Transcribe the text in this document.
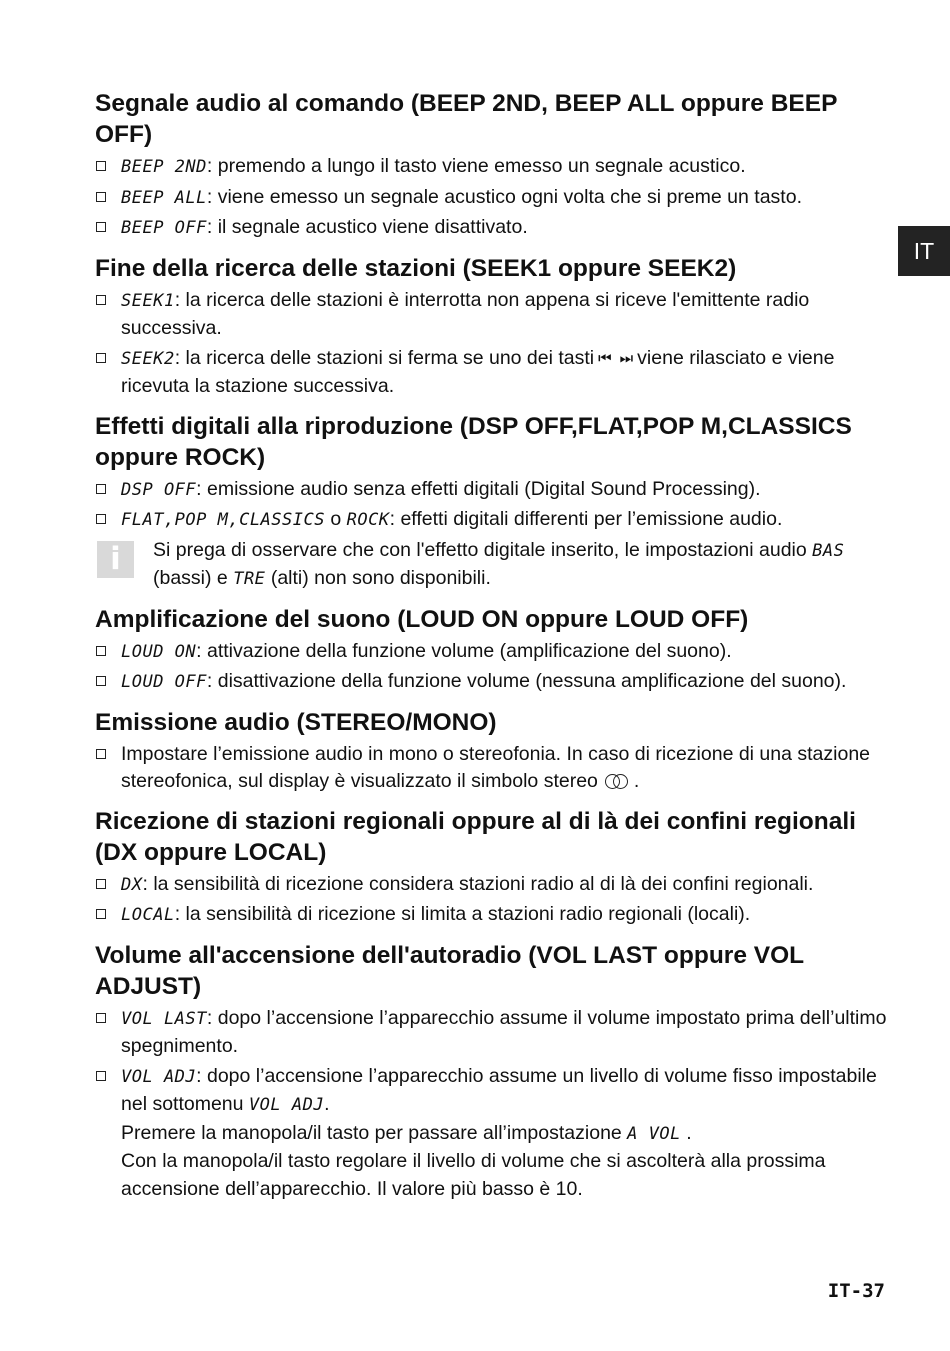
IT
Segnale audio al comando (BEEP 2ND, BEEP ALL oppure BEEP OFF)
BEEP 2ND: premendo a lungo il tasto viene emesso un segnale acustico.
BEEP ALL: viene emesso un segnale acustico ogni volta che si preme un tasto.
BEEP OFF: il segnale acustico viene disattivato.
Fine della ricerca delle stazioni (SEEK1 oppure SEEK2)
SEEK1: la ricerca delle stazioni è interrotta non appena si riceve l'emittente radio successiva.
SEEK2: la ricerca delle stazioni si ferma se uno dei tasti ⏮ ⏭ viene rilasciato e viene ricevuta la stazione successiva.
Effetti digitali alla riproduzione (DSP OFF,FLAT,POP M,CLASSICS oppure ROCK)
DSP OFF: emissione audio senza effetti digitali (Digital Sound Processing).
FLAT,POP M,CLASSICS o ROCK: effetti digitali differenti per l’emissione audio.
i	Si prega di osservare che con l'effetto digitale inserito, le impostazioni audio BAS (bassi) e TRE (alti) non sono disponibili.
Amplificazione del suono (LOUD ON oppure LOUD OFF)
LOUD ON: attivazione della funzione volume (amplificazione del suono).
LOUD OFF: disattivazione della funzione volume (nessuna amplificazione del suono).
Emissione audio (STEREO/MONO)
Impostare l’emissione audio in mono o stereofonia. In caso di ricezione di una stazione stereofonica, sul display è visualizzato il simbolo stereo .
Ricezione di stazioni regionali oppure al di là dei confini regionali (DX oppure LOCAL)
DX: la sensibilità di ricezione considera stazioni radio al di là dei confini regionali.
LOCAL: la sensibilità di ricezione si limita a stazioni radio regionali (locali).
Volume all'accensione dell'autoradio (VOL LAST oppure VOL ADJUST)
VOL LAST: dopo l’accensione l’apparecchio assume il volume impostato prima dell’ultimo spegnimento.
VOL ADJ: dopo l’accensione l’apparecchio assume un livello di volume fisso impostabile nel sottomenu VOL ADJ.
Premere la manopola/il tasto per passare all’impostazione A VOL .
Con la manopola/il tasto regolare il livello di volume che si ascolterà alla prossima accensione dell’apparecchio. Il valore più basso è 10.
IT-37
